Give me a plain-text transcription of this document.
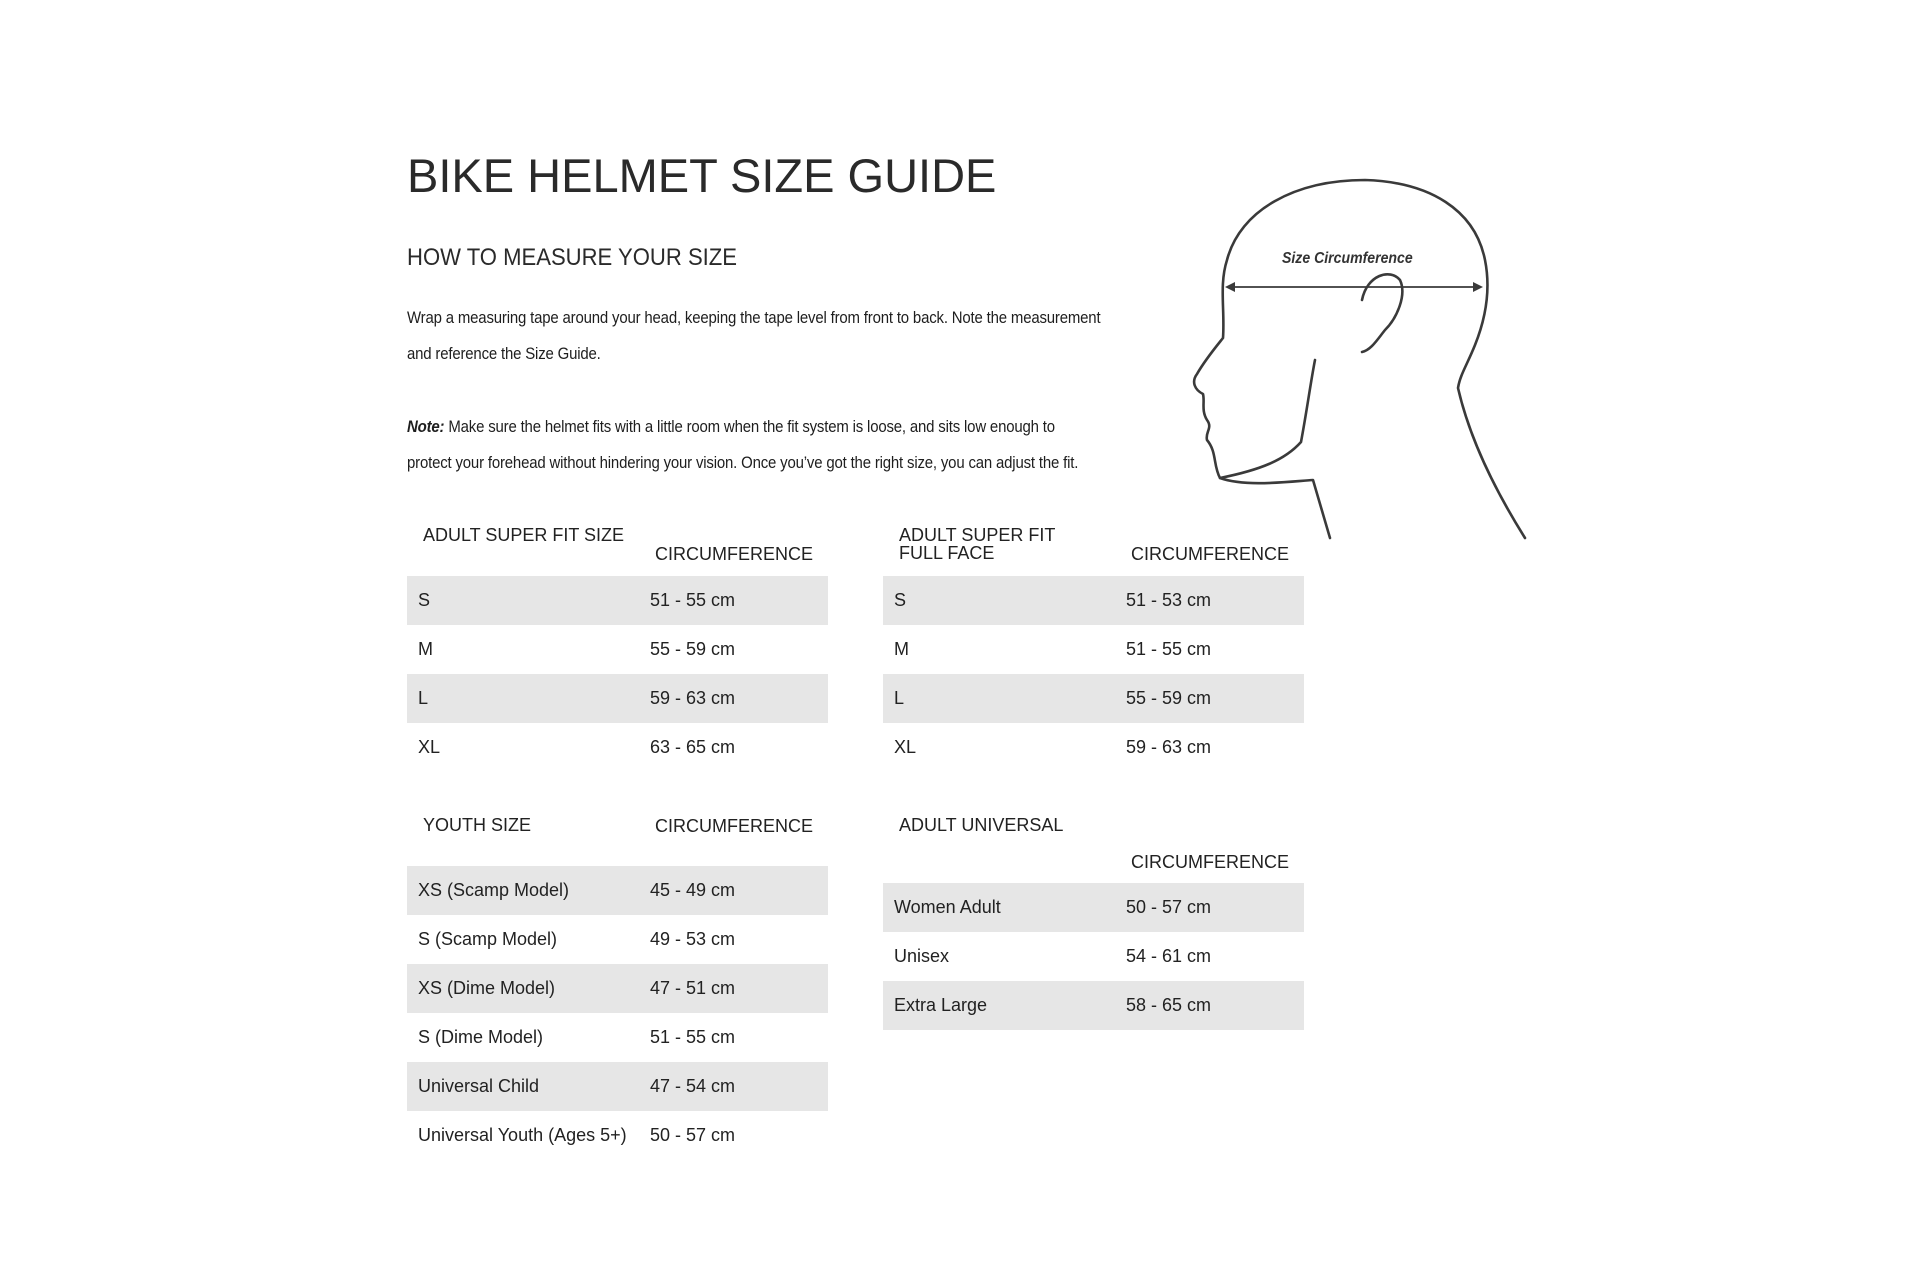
BIKE HELMET SIZE GUIDE
HOW TO MEASURE YOUR SIZE
Wrap a measuring tape around your head, keeping the tape level from front to back. Note the measurement
and reference the Size Guide.
Note: Make sure the helmet fits with a little room when the fit system is loose, and sits low enough to
protect your forehead without hindering your vision. Once you’ve got the right size, you can adjust the fit.
Size Circumference
ADULT SUPER FIT SIZE
CIRCUMFERENCE
S	51 - 55 cm
M	55 - 59 cm
L	59 - 63 cm
XL	63 - 65 cm
ADULT SUPER FIT
FULL FACE	CIRCUMFERENCE
S	51 - 53 cm
M	51 - 55 cm
L	55 - 59 cm
XL	59 - 63 cm
YOUTH SIZE	CIRCUMFERENCE
XS (Scamp Model)	45 - 49 cm
S (Scamp Model)	49 - 53 cm
XS (Dime Model)	47 - 51 cm
S (Dime Model)	51 - 55 cm
Universal Child	47 - 54 cm
Universal Youth (Ages 5+) 50 - 57 cm
ADULT UNIVERSAL
CIRCUMFERENCE
Women Adult	50 - 57 cm
Unisex	54 - 61 cm
Extra Large	58 - 65 cm
